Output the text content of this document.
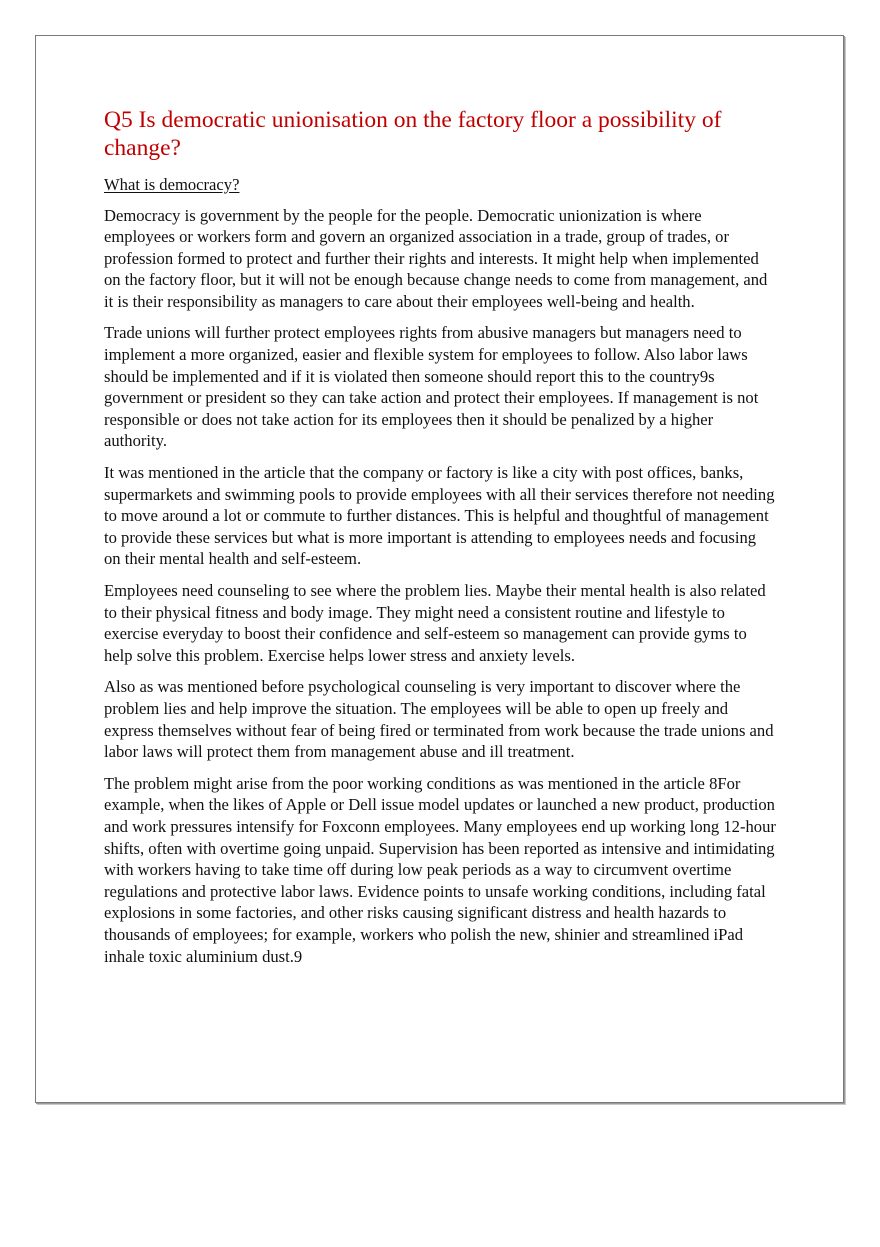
Q5 Is democratic unionisation on the factory floor a possibility of change?

What is democracy?

Democracy is government by the people for the people. Democratic unionization is where employees or workers form and govern an organized association in a trade, group of trades, or profession formed to protect and further their rights and interests. It might help when implemented on the factory floor, but it will not be enough because change needs to come from management, and it is their responsibility as managers to care about their employees well-being and health.

Trade unions will further protect employees rights from abusive managers but managers need to implement a more organized, easier and flexible system for employees to follow. Also labor laws should be implemented and if it is violated then someone should report this to the country9s government or president so they can take action and protect their employees. If management is not responsible or does not take action for its employees then it should be penalized by a higher authority.

It was mentioned in the article that the company or factory is like a city with post offices, banks, supermarkets and swimming pools to provide employees with all their services therefore not needing to move around a lot or commute to further distances. This is helpful and thoughtful of management to provide these services but what is more important is attending to employees needs and focusing on their mental health and self-esteem.

Employees need counseling to see where the problem lies. Maybe their mental health is also related to their physical fitness and body image. They might need a consistent routine and lifestyle to exercise everyday to boost their confidence and self-esteem so management can provide gyms to help solve this problem. Exercise helps lower stress and anxiety levels.

Also as was mentioned before psychological counseling is very important to discover where the problem lies and help improve the situation. The employees will be able to open up freely and express themselves without fear of being fired or terminated from work because the trade unions and labor laws will protect them from management abuse and ill treatment.

The problem might arise from the poor working conditions as was mentioned in the article 8For example, when the likes of Apple or Dell issue model updates or launched a new product, production and work pressures intensify for Foxconn employees. Many employees end up working long 12-hour shifts, often with overtime going unpaid. Supervision has been reported as intensive and intimidating with workers having to take time off during low peak periods as a way to circumvent overtime regulations and protective labor laws. Evidence points to unsafe working conditions, including fatal explosions in some factories, and other risks causing significant distress and health hazards to thousands of employees; for example, workers who polish the new, shinier and streamlined iPad inhale toxic aluminium dust.9
